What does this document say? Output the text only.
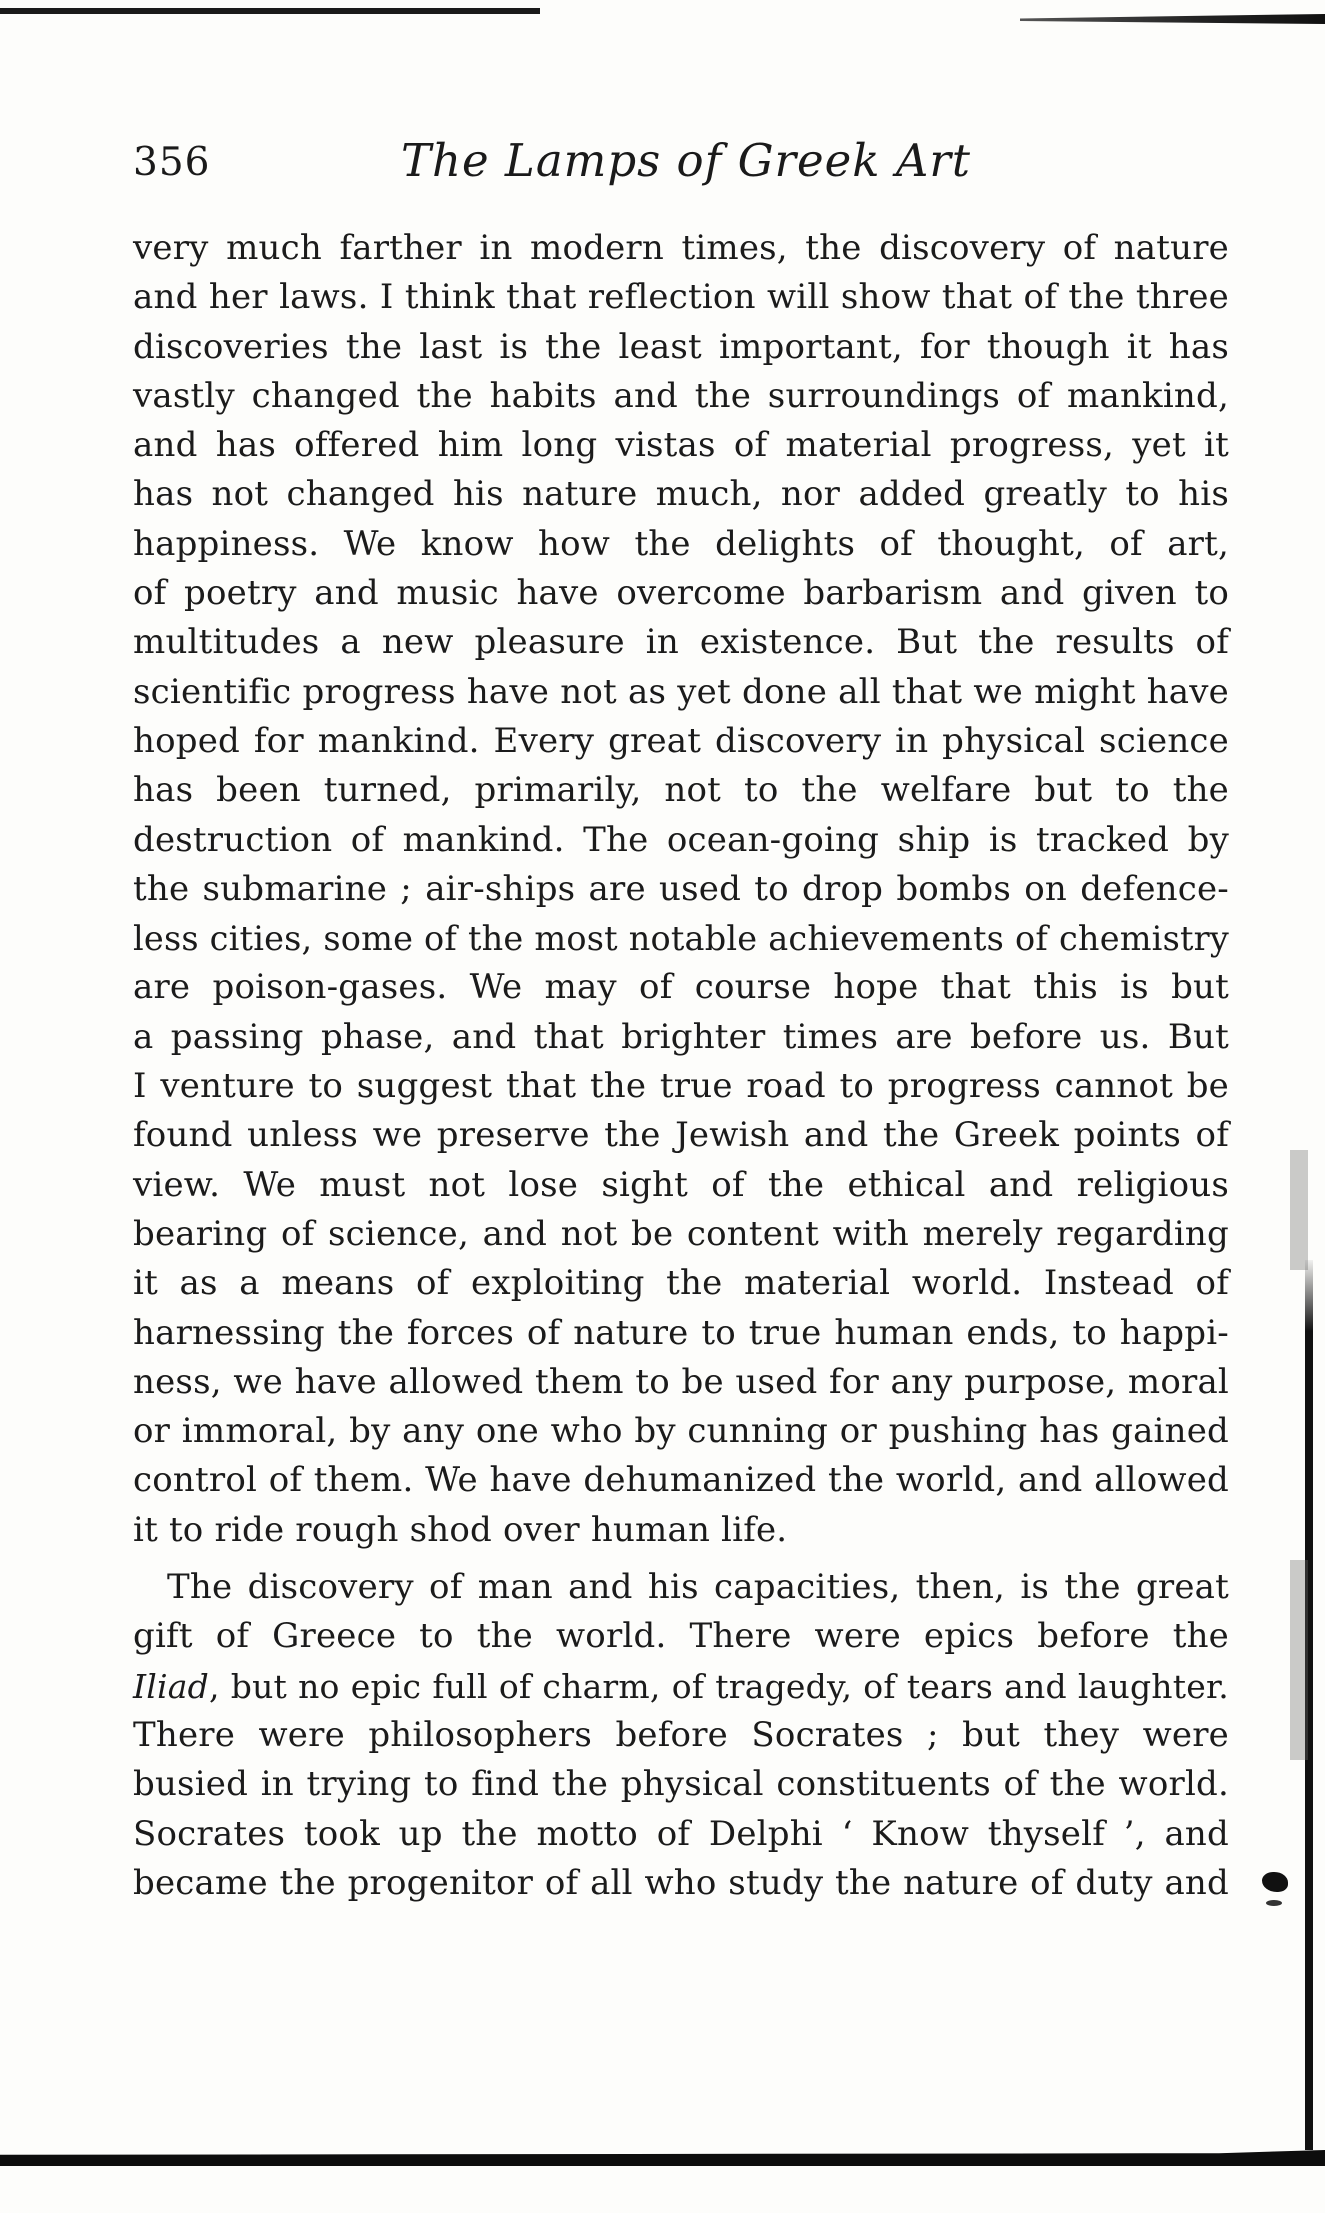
356	The Lamps of Greek Art

very much farther in modern times, the discovery of nature
and her laws. I think that reflection will show that of the three
discoveries the last is the least important, for though it has
vastly changed the habits and the surroundings of mankind,
and has offered him long vistas of material progress, yet it
has not changed his nature much, nor added greatly to his
happiness. We know how the delights of thought, of art,
of poetry and music have overcome barbarism and given to
multitudes a new pleasure in existence. But the results of
scientific progress have not as yet done all that we might have
hoped for mankind. Every great discovery in physical science
has been turned, primarily, not to the welfare but to the
destruction of mankind. The ocean-going ship is tracked by
the submarine ; air-ships are used to drop bombs on defence-
less cities, some of the most notable achievements of chemistry
are poison-gases. We may of course hope that this is but
a passing phase, and that brighter times are before us. But
I venture to suggest that the true road to progress cannot be
found unless we preserve the Jewish and the Greek points of
view. We must not lose sight of the ethical and religious
bearing of science, and not be content with merely regarding
it as a means of exploiting the material world. Instead of
harnessing the forces of nature to true human ends, to happi-
ness, we have allowed them to be used for any purpose, moral
or immoral, by any one who by cunning or pushing has gained
control of them. We have dehumanized the world, and allowed
it to ride rough shod over human life.

The discovery of man and his capacities, then, is the great
gift of Greece to the world. There were epics before the
Iliad, but no epic full of charm, of tragedy, of tears and laughter.
There were philosophers before Socrates ; but they were
busied in trying to find the physical constituents of the world.
Socrates took up the motto of Delphi ‘ Know thyself ’, and
became the progenitor of all who study the nature of duty and
